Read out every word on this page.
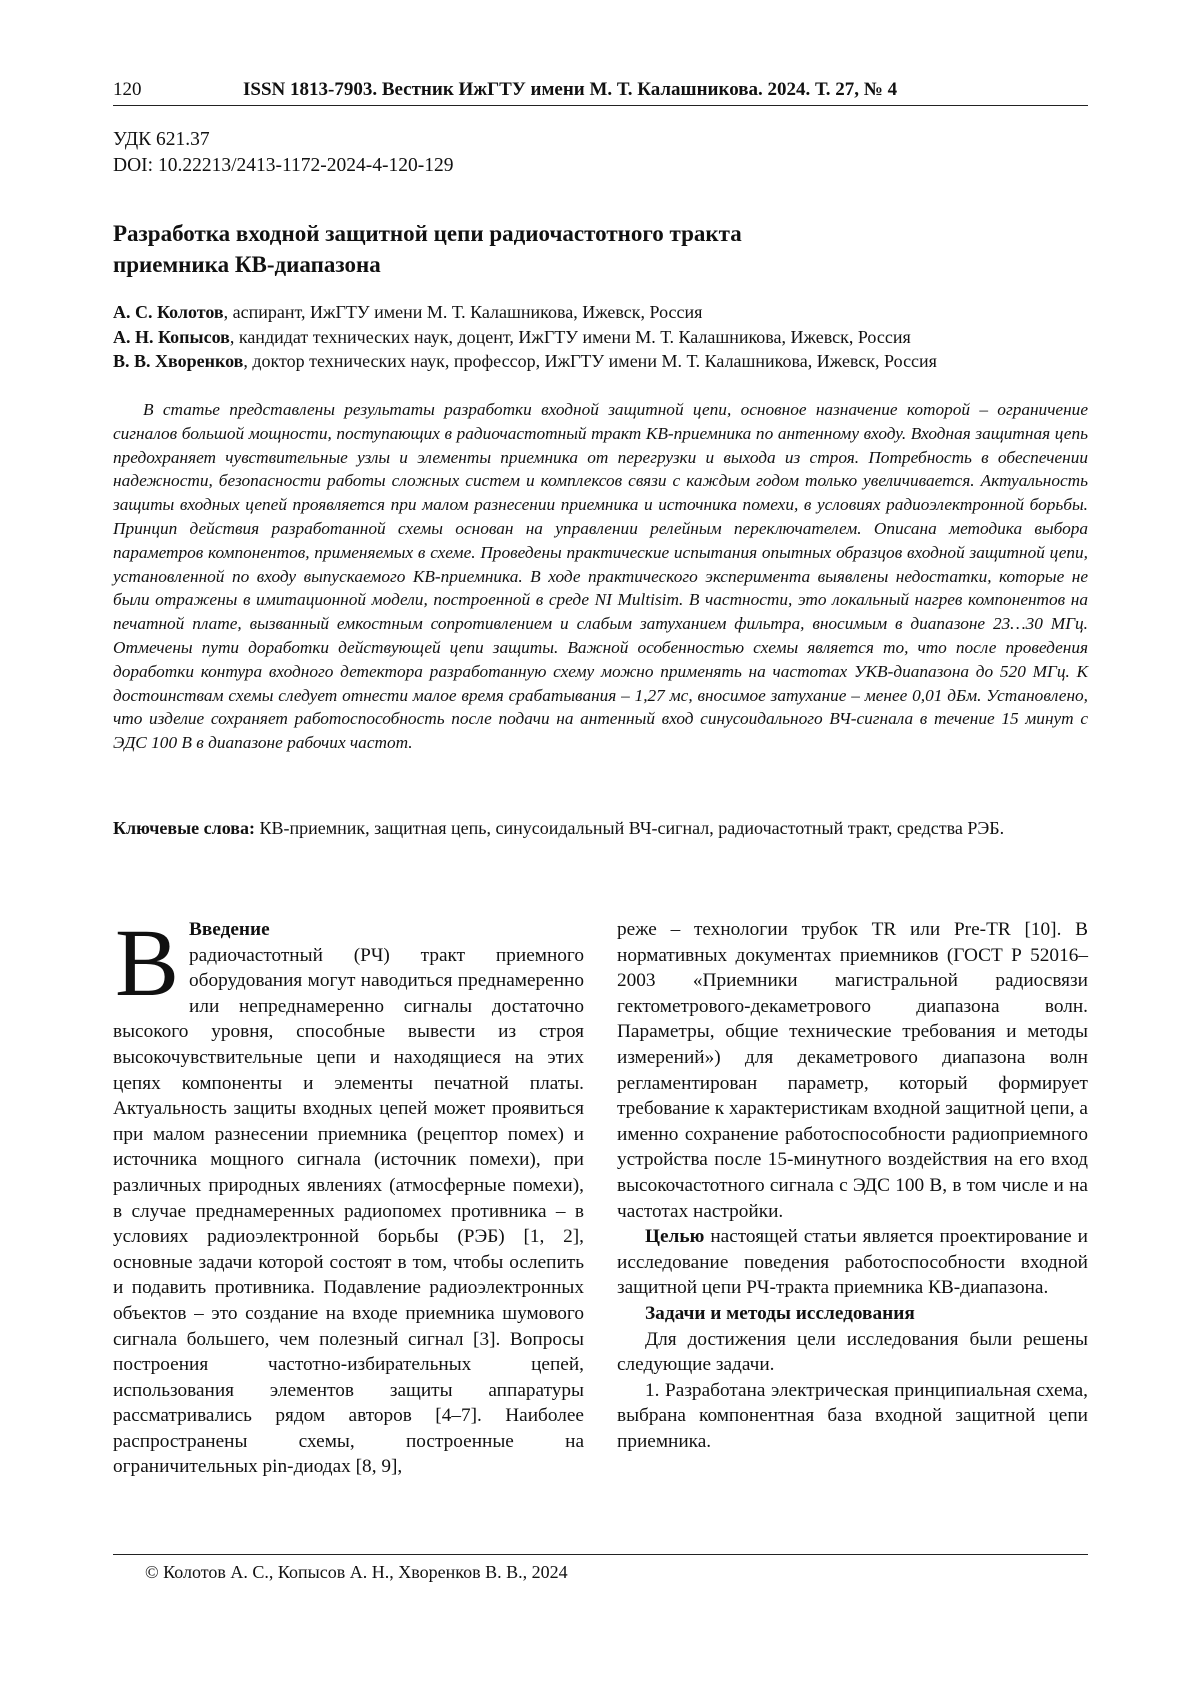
120	ISSN 1813-7903. Вестник ИжГТУ имени М. Т. Калашникова. 2024. Т. 27, № 4
УДК 621.37
DOI: 10.22213/2413-1172-2024-4-120-129
Разработка входной защитной цепи радиочастотного тракта
приемника КВ-диапазона
А. С. Колотов, аспирант, ИжГТУ имени М. Т. Калашникова, Ижевск, Россия
А. Н. Копысов, кандидат технических наук, доцент, ИжГТУ имени М. Т. Калашникова, Ижевск, Россия
В. В. Хворенков, доктор технических наук, профессор, ИжГТУ имени М. Т. Калашникова, Ижевск, Россия
В статье представлены результаты разработки входной защитной цепи, основное назначение которой – ограничение сигналов большой мощности, поступающих в радиочастотный тракт КВ-приемника по антенному входу. Входная защитная цепь предохраняет чувствительные узлы и элементы приемника от перегрузки и выхода из строя. Потребность в обеспечении надежности, безопасности работы сложных систем и комплексов связи с каждым годом только увеличивается. Актуальность защиты входных цепей проявляется при малом разнесении приемника и источника помехи, в условиях радиоэлектронной борьбы. Принцип действия разработанной схемы основан на управлении релейным переключателем. Описана методика выбора параметров компонентов, применяемых в схеме. Проведены практические испытания опытных образцов входной защитной цепи, установленной по входу выпускаемого КВ-приемника. В ходе практического эксперимента выявлены недостатки, которые не были отражены в имитационной модели, построенной в среде NI Multisim. В частности, это локальный нагрев компонентов на печатной плате, вызванный емкостным сопротивлением и слабым затуханием фильтра, вносимым в диапазоне 23…30 МГц. Отмечены пути доработки действующей цепи защиты. Важной особенностью схемы является то, что после проведения доработки контура входного детектора разработанную схему можно применять на частотах УКВ-диапазона до 520 МГц. К достоинствам схемы следует отнести малое время срабатывания – 1,27 мс, вносимое затухание – менее 0,01 дБм. Установлено, что изделие сохраняет работоспособность после подачи на антенный вход синусоидального ВЧ-сигнала в течение 15 минут с ЭДС 100 В в диапазоне рабочих частот.
Ключевые слова: КВ-приемник, защитная цепь, синусоидальный ВЧ-сигнал, радиочастотный тракт, средства РЭБ.
В Введение

радиочастотный (РЧ) тракт приемного оборудования могут наводиться преднамеренно или непреднамеренно сигналы достаточно высокого уровня, способные вывести из строя высокочувствительные цепи и находящиеся на этих цепях компоненты и элементы печатной платы. Актуальность защиты входных цепей может проявиться при малом разнесении приемника (рецептор помех) и источника мощного сигнала (источник помехи), при различных природных явлениях (атмосферные помехи), в случае преднамеренных радиопомех противника – в условиях радиоэлектронной борьбы (РЭБ) [1, 2], основные задачи которой состоят в том, чтобы ослепить и подавить противника. Подавление радиоэлектронных объектов – это создание на входе приемника шумового сигнала большего, чем полезный сигнал [3]. Вопросы построения частотно-избирательных цепей, использования элементов защиты аппаратуры рассматривались рядом авторов [4–7]. Наиболее распространены схемы, построенные на ограничительных pin-диодах [8, 9],

реже – технологии трубок TR или Pre-TR [10]. В нормативных документах приемников (ГОСТ Р 52016–2003 «Приемники магистральной радиосвязи гектометрового-декаметрового диапазона волн. Параметры, общие технические требования и методы измерений») для декаметрового диапазона волн регламентирован параметр, который формирует требование к характеристикам входной защитной цепи, а именно сохранение работоспособности радиоприемного устройства после 15-минутного воздействия на его вход высокочастотного сигнала с ЭДС 100 В, в том числе и на частотах настройки.

Целью настоящей статьи является проектирование и исследование поведения работоспособности входной защитной цепи РЧ-тракта приемника КВ-диапазона.

Задачи и методы исследования

Для достижения цели исследования были решены следующие задачи.

1. Разработана электрическая принципиальная схема, выбрана компонентная база входной защитной цепи приемника.

© Колотов А. С., Копысов А. Н., Хворенков В. В., 2024
